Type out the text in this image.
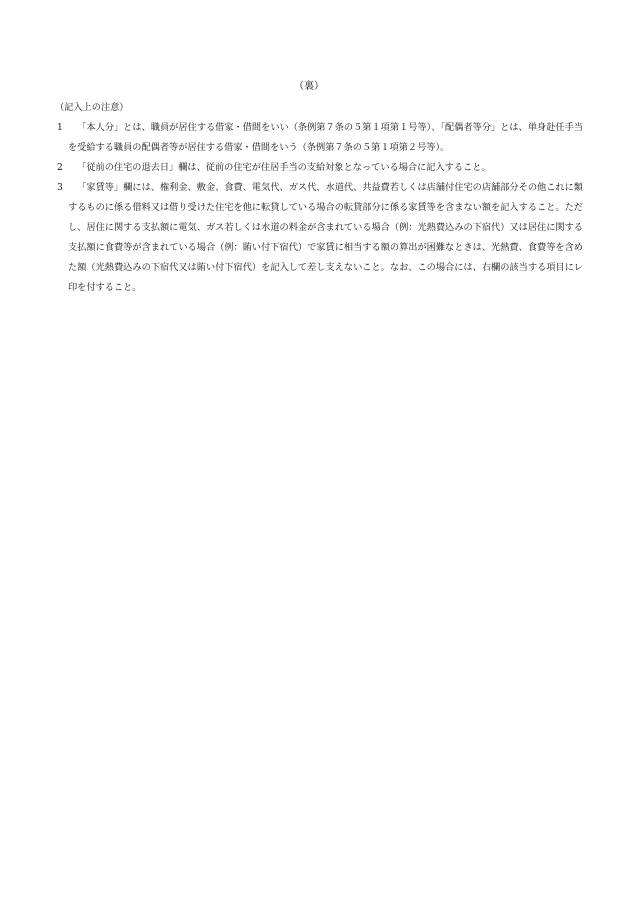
（裏）
（記入上の注意）
1	「本人分」とは、職員が居住する借家・借間をいい（条例第７条の５第１項第１号等）、「配偶者等分」とは、単身赴任手当を受給する職員の配偶者等が居住する借家・借間をいう（条例第７条の５第１項第２号等）。
2	「従前の住宅の退去日」欄は、従前の住宅が住居手当の支給対象となっている場合に記入すること。
3	「家賃等」欄には、権利金、敷金、食費、電気代、ガス代、水道代、共益費若しくは店舗付住宅の店舗部分その他これに類するものに係る借料又は借り受けた住宅を他に転貸している場合の転貸部分に係る家賃等を含まない額を記入すること。ただし、居住に関する支払額に電気、ガス若しくは水道の料金が含まれている場合（例：光熱費込みの下宿代）又は居住に関する支払額に食費等が含まれている場合（例：賄い付下宿代）で家賃に相当する額の算出が困難なときは、光熱費、食費等を含めた額（光熱費込みの下宿代又は賄い付下宿代）を記入して差し支えないこと。なお、この場合には、右欄の該当する項目にレ印を付すること。
